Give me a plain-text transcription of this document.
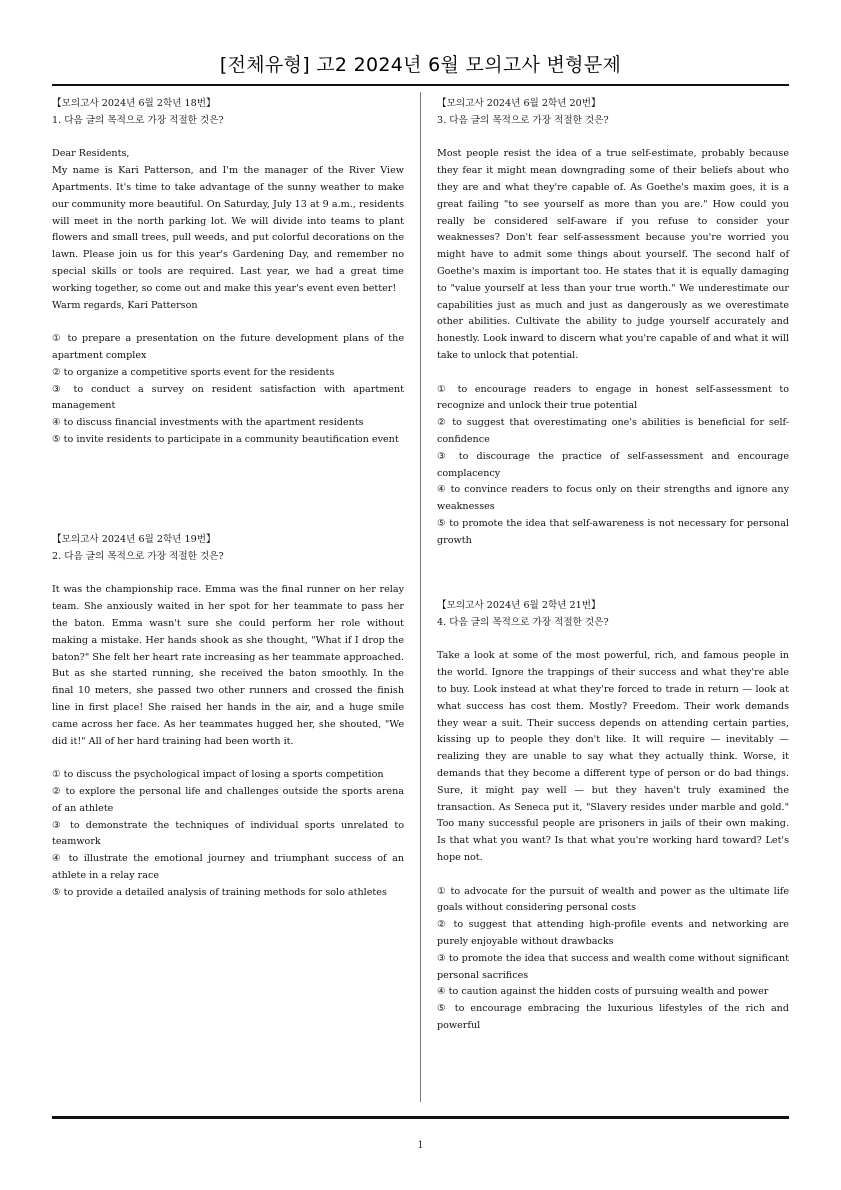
[전체유형] 고2 2024년 6월 모의고사 변형문제

【모의고사 2024년 6월 2학년 18번】

1. 다음 글의 목적으로 가장 적절한 것은?

Dear Residents,

My name is Kari Patterson, and I'm the manager of the River View Apartments. It's time to take advantage of the sunny weather to make our community more beautiful. On Saturday, July 13 at 9 a.m., residents will meet in the north parking lot. We will divide into teams to plant flowers and small trees, pull weeds, and put colorful decorations on the lawn. Please join us for this year's Gardening Day, and remember no special skills or tools are required. Last year, we had a great time working together, so come out and make this year's event even better!

Warm regards, Kari Patterson

① to prepare a presentation on the future development plans of the apartment complex
② to organize a competitive sports event for the residents
③ to conduct a survey on resident satisfaction with apartment management
④ to discuss financial investments with the apartment residents
⑤ to invite residents to participate in a community beautification event

【모의고사 2024년 6월 2학년 19번】

2. 다음 글의 목적으로 가장 적절한 것은?

It was the championship race. Emma was the final runner on her relay team. She anxiously waited in her spot for her teammate to pass her the baton. Emma wasn't sure she could perform her role without making a mistake. Her hands shook as she thought, "What if I drop the baton?" She felt her heart rate increasing as her teammate approached. But as she started running, she received the baton smoothly. In the final 10 meters, she passed two other runners and crossed the finish line in first place! She raised her hands in the air, and a huge smile came across her face. As her teammates hugged her, she shouted, "We did it!" All of her hard training had been worth it.

① to discuss the psychological impact of losing a sports competition
② to explore the personal life and challenges outside the sports arena of an athlete
③ to demonstrate the techniques of individual sports unrelated to teamwork
④ to illustrate the emotional journey and triumphant success of an athlete in a relay race
⑤ to provide a detailed analysis of training methods for solo athletes

【모의고사 2024년 6월 2학년 20번】

3. 다음 글의 목적으로 가장 적절한 것은?

Most people resist the idea of a true self-estimate, probably because they fear it might mean downgrading some of their beliefs about who they are and what they're capable of. As Goethe's maxim goes, it is a great failing "to see yourself as more than you are." How could you really be considered self-aware if you refuse to consider your weaknesses? Don't fear self-assessment because you're worried you might have to admit some things about yourself. The second half of Goethe's maxim is important too. He states that it is equally damaging to "value yourself at less than your true worth." We underestimate our capabilities just as much and just as dangerously as we overestimate other abilities. Cultivate the ability to judge yourself accurately and honestly. Look inward to discern what you're capable of and what it will take to unlock that potential.

① to encourage readers to engage in honest self-assessment to recognize and unlock their true potential
② to suggest that overestimating one's abilities is beneficial for self-confidence
③ to discourage the practice of self-assessment and encourage complacency
④ to convince readers to focus only on their strengths and ignore any weaknesses
⑤ to promote the idea that self-awareness is not necessary for personal growth

【모의고사 2024년 6월 2학년 21번】

4. 다음 글의 목적으로 가장 적절한 것은?

Take a look at some of the most powerful, rich, and famous people in the world. Ignore the trappings of their success and what they're able to buy. Look instead at what they're forced to trade in return — look at what success has cost them. Mostly? Freedom. Their work demands they wear a suit. Their success depends on attending certain parties, kissing up to people they don't like. It will require — inevitably — realizing they are unable to say what they actually think. Worse, it demands that they become a different type of person or do bad things. Sure, it might pay well — but they haven't truly examined the transaction. As Seneca put it, "Slavery resides under marble and gold." Too many successful people are prisoners in jails of their own making. Is that what you want? Is that what you're working hard toward? Let's hope not.

① to advocate for the pursuit of wealth and power as the ultimate life goals without considering personal costs
② to suggest that attending high-profile events and networking are purely enjoyable without drawbacks
③ to promote the idea that success and wealth come without significant personal sacrifices
④ to caution against the hidden costs of pursuing wealth and power
⑤ to encourage embracing the luxurious lifestyles of the rich and powerful
1
